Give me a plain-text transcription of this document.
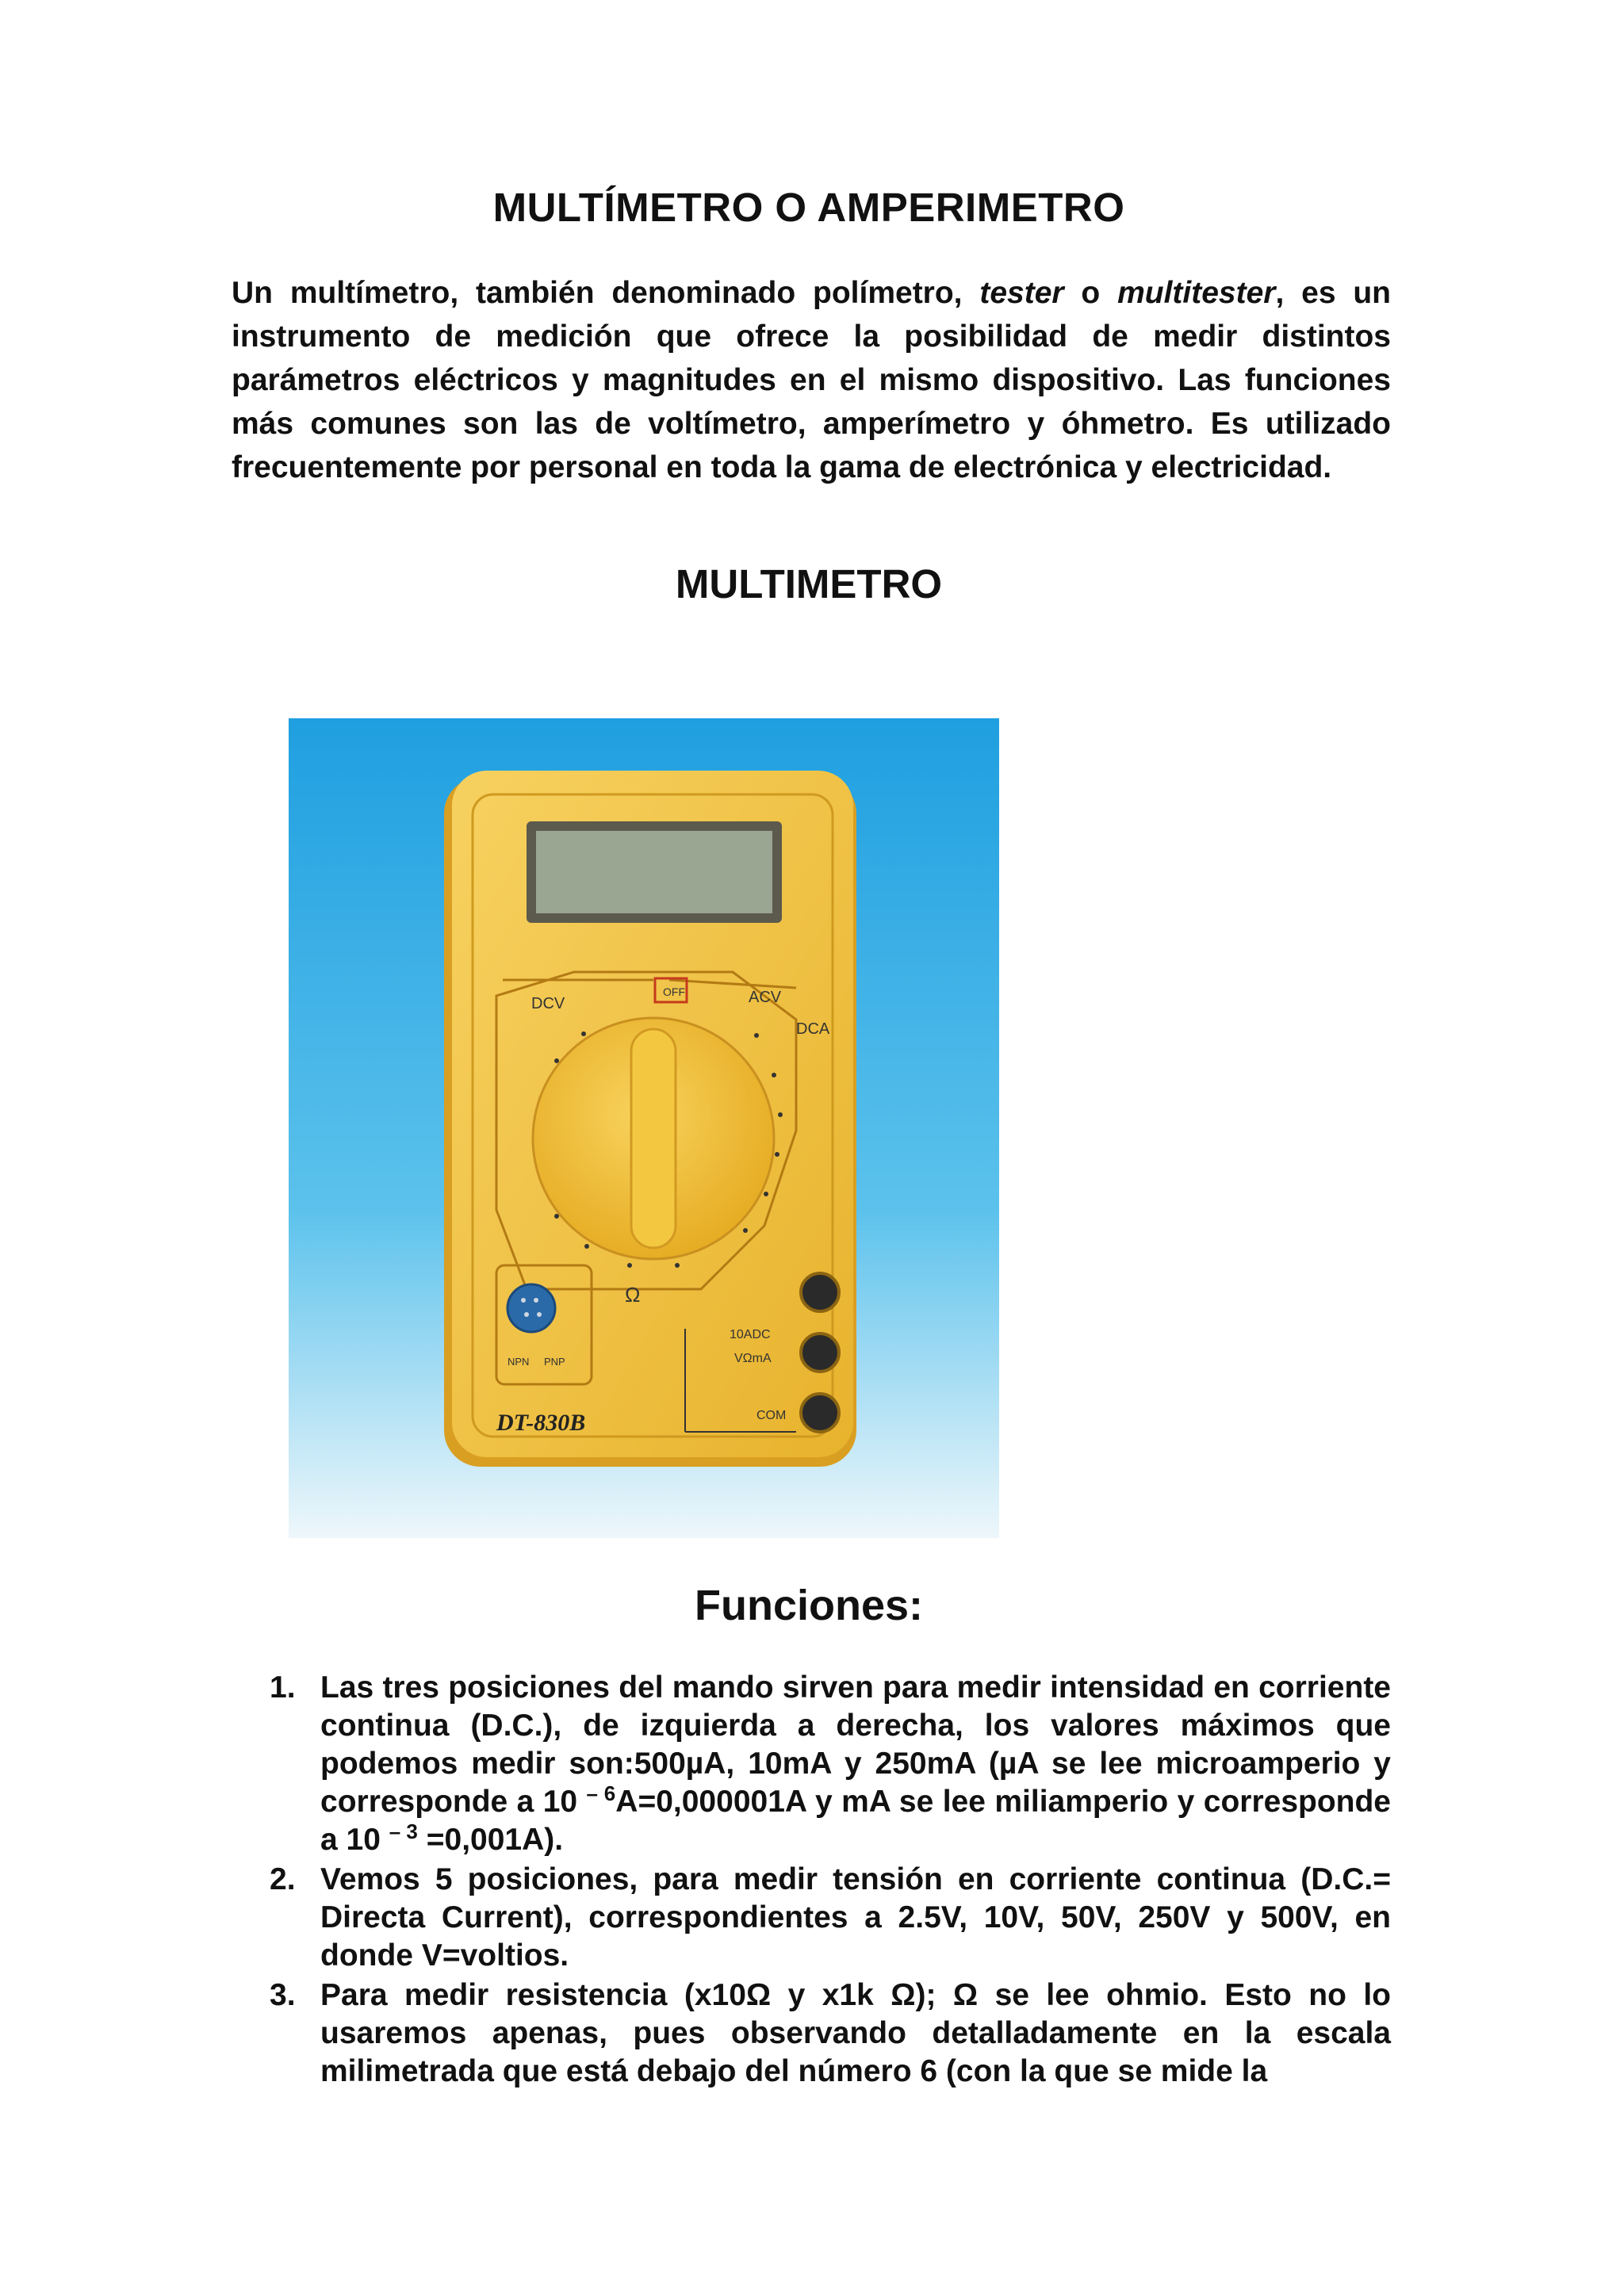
MULTÍMETRO O AMPERIMETRO

Un multímetro, también denominado polímetro, tester o multitester, es un instrumento de medición que ofrece la posibilidad de medir distintos parámetros eléctricos y magnitudes en el mismo dispositivo. Las funciones más comunes son las de voltímetro, amperímetro y óhmetro. Es utilizado frecuentemente por personal en toda la gama de electrónica y electricidad.

MULTIMETRO
OFF
DCV	ACV
DCA
Ω
NPN PNP
10ADC
VΩmA
COM
DT-830B
Funciones:
1. Las tres posiciones del mando sirven para medir intensidad en corriente continua (D.C.), de izquierda a derecha, los valores máximos que podemos medir son:500µA, 10mA y 250mA (µA se lee microamperio y corresponde a 10 $^{- 6}$A=0,000001A y mA se lee miliamperio y corresponde a 10 $^{- 3}$ =0,001A).
2. Vemos 5 posiciones, para medir tensión en corriente continua (D.C.= Directa Current), correspondientes a 2.5V, 10V, 50V, 250V y 500V, en donde V=voltios.
3. Para medir resistencia (x10Ω y x1k Ω); Ω se lee ohmio. Esto no lo usaremos apenas, pues observando detalladamente en la escala milimetrada que está debajo del número 6 (con la que se mide la
